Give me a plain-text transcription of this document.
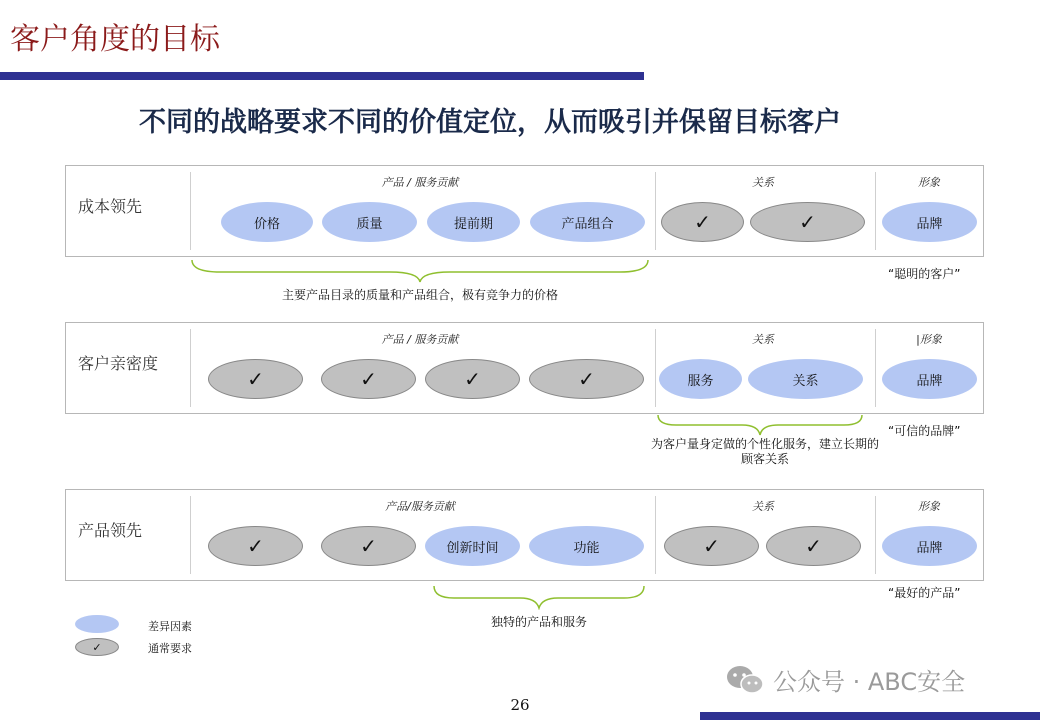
客户角度的目标
不同的战略要求不同的价值定位，从而吸引并保留目标客户
成本领先
产品 / 服务贡献	关系	形象
价格	质量	提前期	产品组合	✓	✓	品牌
主要产品目录的质量和产品组合，极有竞争力的价格
“聪明的客户”
客户亲密度
产品 / 服务贡献	关系	|形象
✓	✓	✓	✓	服务	关系	品牌
为客户量身定做的个性化服务，建立长期的
顾客关系
“可信的品牌”
产品领先
产品/服务贡献	关系	形象
✓	✓	创新时间	功能	✓	✓	品牌
独特的产品和服务
“最好的产品”
差异因素
✓	通常要求
26
公众号 · ABC安全
